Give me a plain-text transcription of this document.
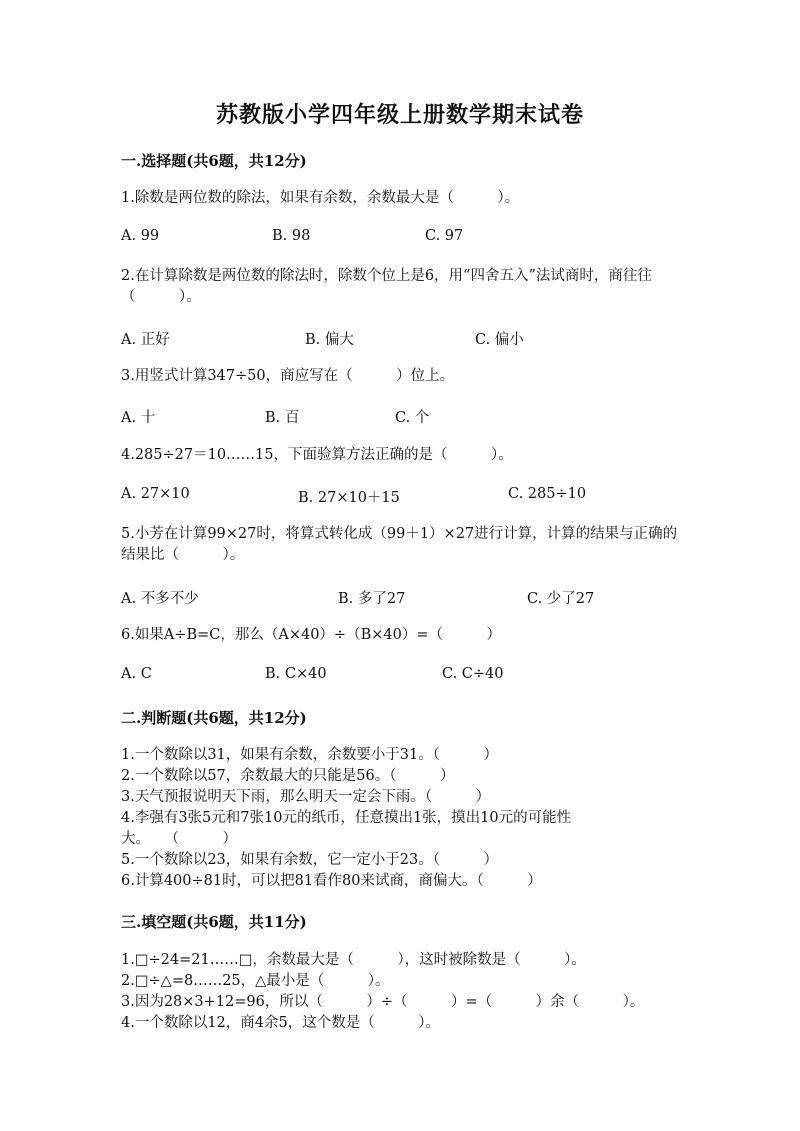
苏教版小学四年级上册数学期末试卷
一.选择题(共6题，共12分)
1.除数是两位数的除法，如果有余数，余数最大是（　　　）。
A. 99	B. 98	C. 97
2.在计算除数是两位数的除法时，除数个位上是6，用“四舍五入”法试商时，商往往（　　　）。
A. 正好	B. 偏大	C. 偏小
3.用竖式计算347÷50，商应写在（　　　）位上。
A. 十	B. 百	C. 个
4.285÷27＝10……15，下面验算方法正确的是（　　　）。
A. 27×10	B. 27×10＋15	C. 285÷10
5.小芳在计算99×27时，将算式转化成（99＋1）×27进行计算，计算的结果与正确的结果比（　　　）。
A. 不多不少	B. 多了27	C. 少了27
6.如果A÷B=C，那么（A×40）÷（B×40）=（　　　）
A. C	B. C×40	C. C÷40
二.判断题(共6题，共12分)
1.一个数除以31，如果有余数，余数要小于31。（　　　）
2.一个数除以57，余数最大的只能是56。（　　　）
3.天气预报说明天下雨，那么明天一定会下雨。（　　　）
4.李强有3张5元和7张10元的纸币，任意摸出1张，摸出10元的可能性
大。　　（　　　）
5.一个数除以23，如果有余数，它一定小于23。（　　　）
6.计算400÷81时，可以把81看作80来试商，商偏大。（　　　）
三.填空题(共6题，共11分)
1.□÷24=21……□，余数最大是（　　　），这时被除数是（　　　）。
2.□÷△=8……25，△最小是（　　　）。
3.因为28×3+12=96，所以（　　　）÷（　　　）=（　　　）余（　　　）。
4.一个数除以12，商4余5，这个数是（　　　）。
